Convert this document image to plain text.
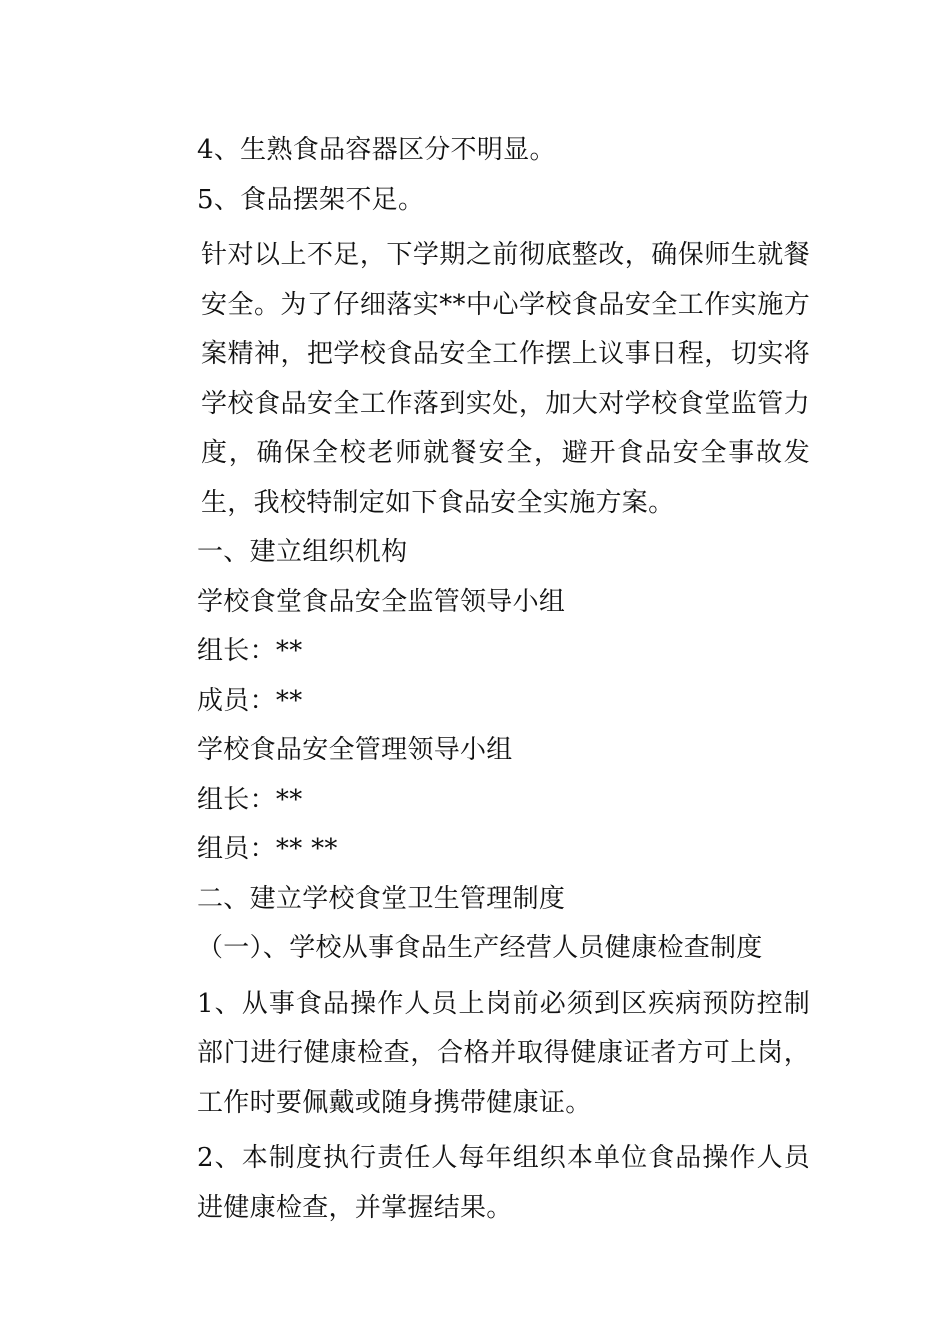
4、生熟食品容器区分不明显。

5、食品摆架不足。

针对以上不足，下学期之前彻底整改，确保师生就餐安全。为了仔细落实**中心学校食品安全工作实施方案精神，把学校食品安全工作摆上议事日程，切实将学校食品安全工作落到实处，加大对学校食堂监管力度，确保全校老师就餐安全，避开食品安全事故发生，我校特制定如下食品安全实施方案。

一、建立组织机构

学校食堂食品安全监管领导小组

组长：**

成员：**

学校食品安全管理领导小组

组长：**

组员：** **

二、建立学校食堂卫生管理制度

（一）、学校从事食品生产经营人员健康检查制度

1、从事食品操作人员上岗前必须到区疾病预防控制部门进行健康检查，合格并取得健康证者方可上岗，工作时要佩戴或随身携带健康证。

2、本制度执行责任人每年组织本单位食品操作人员进健康检查，并掌握结果。
